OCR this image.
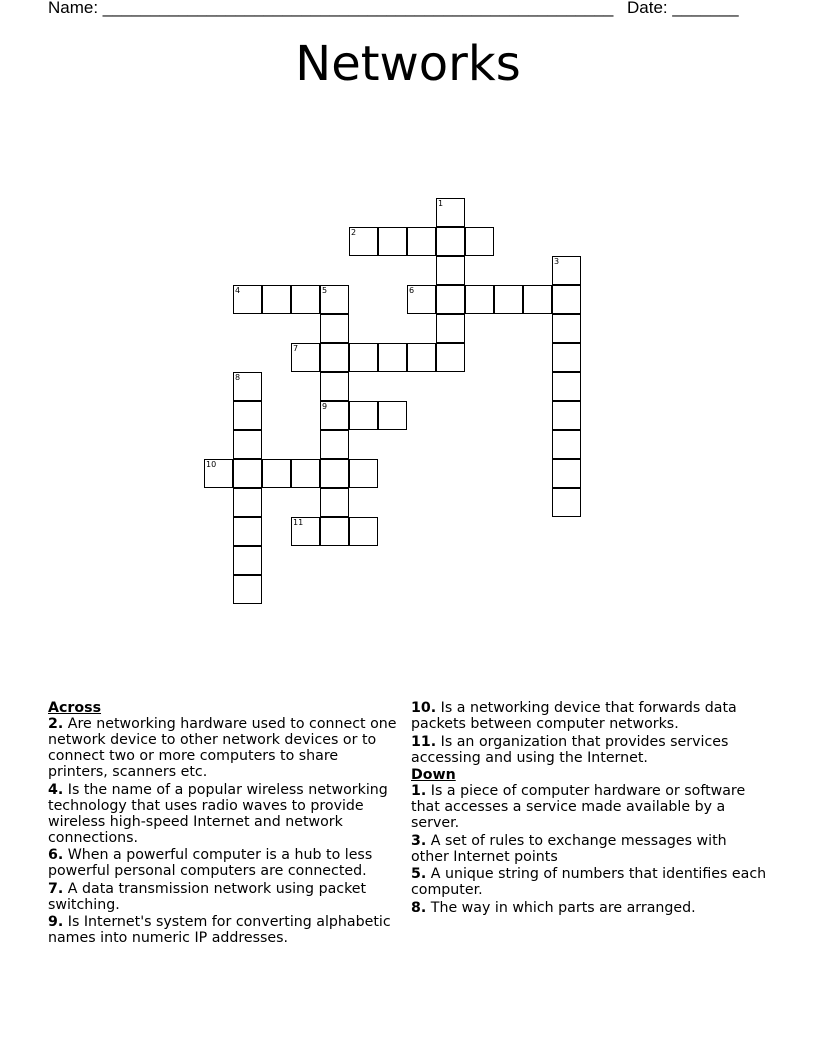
Name: ______________________________________________________ Date: _______
Networks
1
2
3
4	5
9
6
7
8
10
11
Across
2. Are networking hardware used to connect one network device to other network devices or to connect two or more computers to share printers, scanners etc.
4. Is the name of a popular wireless networking technology that uses radio waves to provide wireless high-speed Internet and network connections.
6. When a powerful computer is a hub to less powerful personal computers are connected.
7. A data transmission network using packet switching.
9. Is Internet's system for converting alphabetic names into numeric IP addresses.
10. Is a networking device that forwards data packets between computer networks.
11. Is an organization that provides services accessing and using the Internet.
Down
1. Is a piece of computer hardware or software that accesses a service made available by a server.
3. A set of rules to exchange messages with other Internet points
5. A unique string of numbers that identifies each computer.
8. The way in which parts are arranged.
